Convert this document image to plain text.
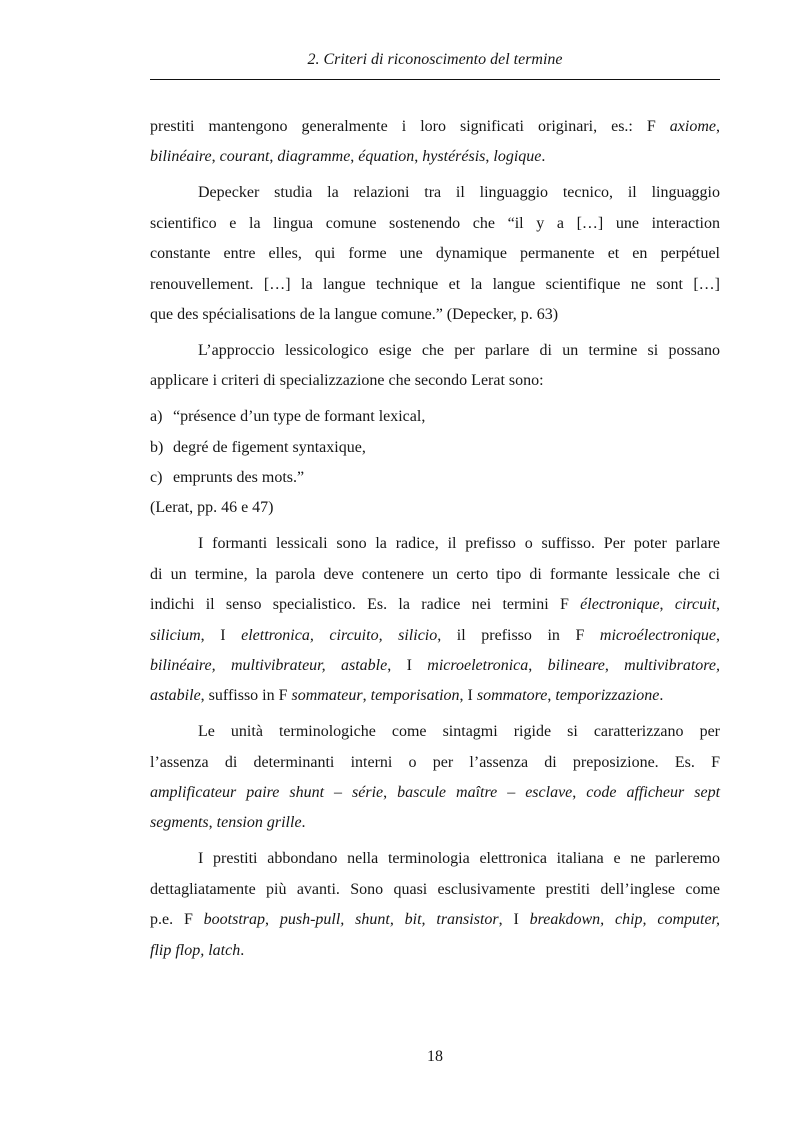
2. Criteri di riconoscimento del termine
prestiti mantengono generalmente i loro significati originari, es.: F axiome,
bilinéaire, courant, diagramme, équation, hystérésis, logique.
Depecker studia la relazioni tra il linguaggio tecnico, il linguaggio
scientifico e la lingua comune sostenendo che “il y a […] une interaction
constante entre elles, qui forme une dynamique permanente et en perpétuel
renouvellement. […] la langue technique et la langue scientifique ne sont […]
que des spécialisations de la langue comune.” (Depecker, p. 63)
L’approccio lessicologico esige che per parlare di un termine si possano
applicare i criteri di specializzazione che secondo Lerat sono:
a) “présence d’un type de formant lexical,
b) degré de figement syntaxique,
c) emprunts des mots.”
(Lerat, pp. 46 e 47)
I formanti lessicali sono la radice, il prefisso o suffisso. Per poter parlare
di un termine, la parola deve contenere un certo tipo di formante lessicale che ci
indichi il senso specialistico. Es. la radice nei termini F électronique, circuit,
silicium, I elettronica, circuito, silicio, il prefisso in F microélectronique,
bilinéaire, multivibrateur, astable, I microeletronica, bilineare, multivibratore,
astabile, suffisso in F sommateur, temporisation, I sommatore, temporizzazione.
Le unità terminologiche come sintagmi rigide si caratterizzano per
l’assenza di determinanti interni o per l’assenza di preposizione. Es. F
amplificateur paire shunt – série, bascule maître – esclave, code afficheur sept
segments, tension grille.
I prestiti abbondano nella terminologia elettronica italiana e ne parleremo
dettagliatamente più avanti. Sono quasi esclusivamente prestiti dell’inglese come
p.e. F bootstrap, push-pull, shunt, bit, transistor, I breakdown, chip, computer,
flip flop, latch.
18
